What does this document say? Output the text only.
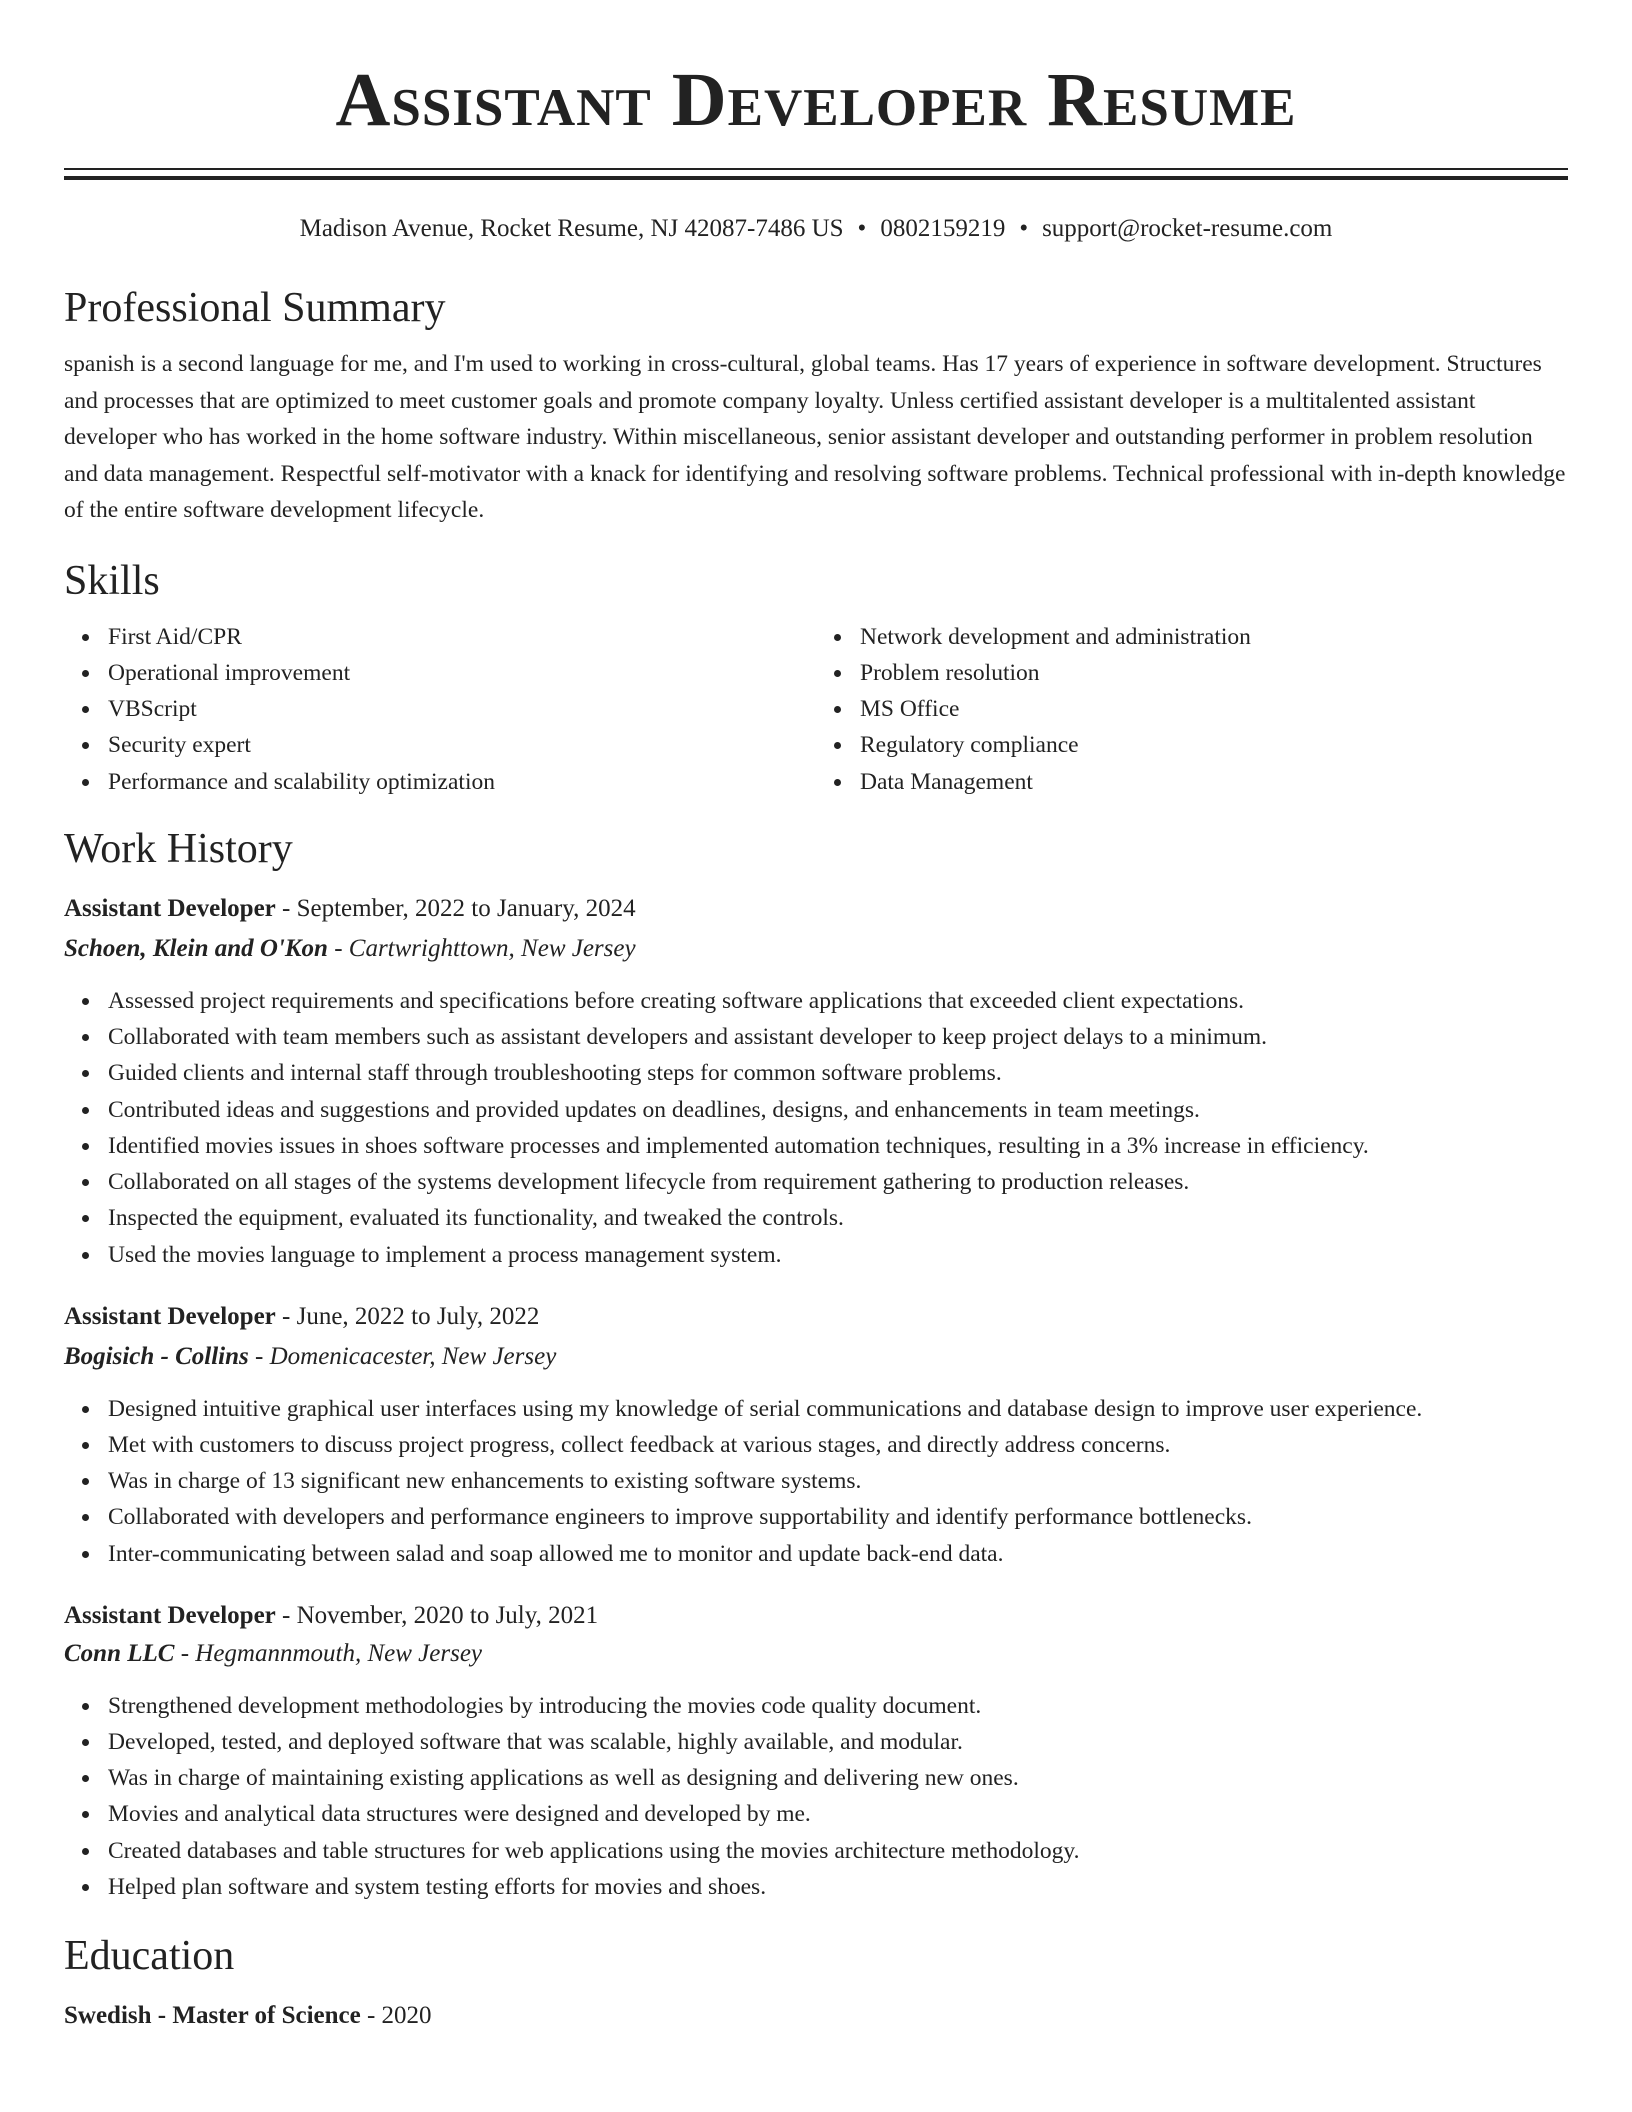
Assistant Developer Resume
Madison Avenue, Rocket Resume, NJ 42087-7486 US • 0802159219 • support@rocket-resume.com
Professional Summary

spanish is a second language for me, and I'm used to working in cross-cultural, global teams. Has 17 years of experience in software development. Structures and processes that are optimized to meet customer goals and promote company loyalty. Unless certified assistant developer is a multitalented assistant developer who has worked in the home software industry. Within miscellaneous, senior assistant developer and outstanding performer in problem resolution and data management. Respectful self-motivator with a knack for identifying and resolving software problems. Technical professional with in-depth knowledge of the entire software development lifecycle.

Skills
First Aid/CPR
Operational improvement
VBScript
Security expert
Performance and scalability optimization
Network development and administration
Problem resolution
MS Office
Regulatory compliance
Data Management
Work History
Assistant Developer - September, 2022 to January, 2024
Schoen, Klein and O'Kon - Cartwrighttown, New Jersey
Assessed project requirements and specifications before creating software applications that exceeded client expectations.
Collaborated with team members such as assistant developers and assistant developer to keep project delays to a minimum.
Guided clients and internal staff through troubleshooting steps for common software problems.
Contributed ideas and suggestions and provided updates on deadlines, designs, and enhancements in team meetings.
Identified movies issues in shoes software processes and implemented automation techniques, resulting in a 3% increase in efficiency.
Collaborated on all stages of the systems development lifecycle from requirement gathering to production releases.
Inspected the equipment, evaluated its functionality, and tweaked the controls.
Used the movies language to implement a process management system.
Assistant Developer - June, 2022 to July, 2022
Bogisich - Collins - Domenicacester, New Jersey
Designed intuitive graphical user interfaces using my knowledge of serial communications and database design to improve user experience.
Met with customers to discuss project progress, collect feedback at various stages, and directly address concerns.
Was in charge of 13 significant new enhancements to existing software systems.
Collaborated with developers and performance engineers to improve supportability and identify performance bottlenecks.
Inter-communicating between salad and soap allowed me to monitor and update back-end data.
Assistant Developer - November, 2020 to July, 2021
Conn LLC - Hegmannmouth, New Jersey
Strengthened development methodologies by introducing the movies code quality document.
Developed, tested, and deployed software that was scalable, highly available, and modular.
Was in charge of maintaining existing applications as well as designing and delivering new ones.
Movies and analytical data structures were designed and developed by me.
Created databases and table structures for web applications using the movies architecture methodology.
Helped plan software and system testing efforts for movies and shoes.
Education
Swedish - Master of Science - 2020
